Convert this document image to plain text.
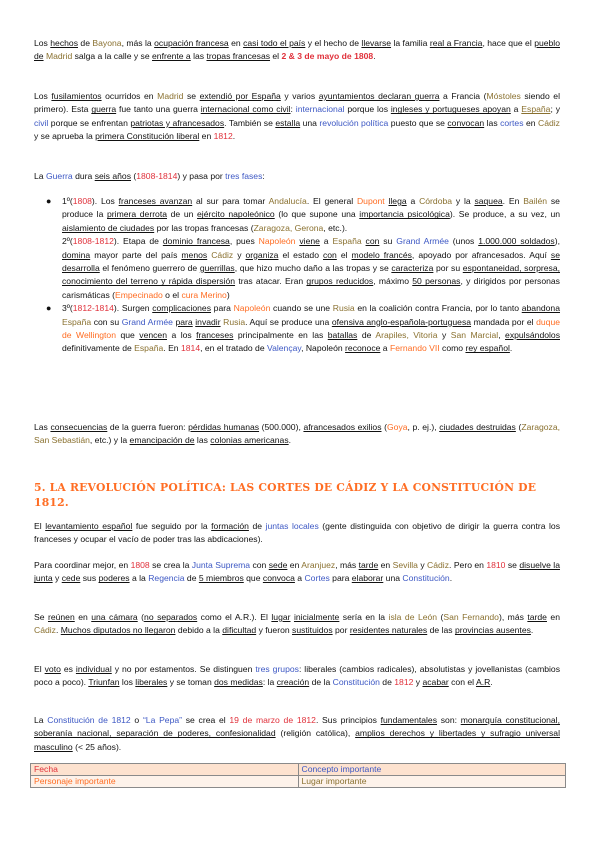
Los hechos de Bayona, más la ocupación francesa en casi todo el país y el hecho de llevarse la familia real a Francia, hace que el pueblo de Madrid salga a la calle y se enfrente a las tropas francesas el 2 & 3 de mayo de 1808.

Los fusilamientos ocurridos en Madrid se extendió por España y varios ayuntamientos declaran guerra a Francia (Móstoles siendo el primero). Esta guerra fue tanto una guerra internacional como civil: internacional porque los ingleses y portugueses apoyan a España; y civil porque se enfrentan patriotas y afrancesados. También se estalla una revolución política puesto que se convocan las cortes en Cádiz y se aprueba la primera Constitución liberal en 1812.

La Guerra dura seis años (1808-1814) y pasa por tres fases:

● 1º(1808). Los franceses avanzan al sur para tomar Andalucía. El general Dupont llega a Córdoba y la saquea. En Bailén se produce la primera derrota de un ejército napoleónico (lo que supone una importancia psicológica). Se produce, a su vez, un aislamiento de ciudades por las tropas francesas (Zaragoza, Gerona, etc.).
2º(1808-1812). Etapa de dominio francesa, pues Napoleón viene a España con su Grand Armée (unos 1.000.000 soldados), domina mayor parte del país menos Cádiz y organiza el estado con el modelo francés, apoyado por afrancesados. Aquí se desarrolla el fenómeno guerrero de guerrillas, que hizo mucho daño a las tropas y se caracteriza por su espontaneidad, sorpresa, conocimiento del terreno y rápida dispersión tras atacar. Eran grupos reducidos, máximo 50 personas, y dirigidos por personas carismáticas (Empecinado o el cura Merino)
● 3º(1812-1814). Surgen complicaciones para Napoleón cuando se une Rusia en la coalición contra Francia, por lo tanto abandona España con su Grand Armée para invadir Rusia. Aquí se produce una ofensiva anglo-española-portuguesa mandada por el duque de Wellington que vencen a los franceses principalmente en las batallas de Arapiles, Vitoria y San Marcial, expulsándolos definitivamente de España. En 1814, en el tratado de Valençay, Napoleón reconoce a Fernando VII como rey español.

Las consecuencias de la guerra fueron: pérdidas humanas (500.000), afrancesados exilios (Goya, p. ej.), ciudades destruidas (Zaragoza, San Sebastián, etc.) y la emancipación de las colonias americanas.

5. LA REVOLUCIÓN POLÍTICA: LAS CORTES DE CÁDIZ Y LA CONSTITUCIÓN DE 1812.

El levantamiento español fue seguido por la formación de juntas locales (gente distinguida con objetivo de dirigir la guerra contra los franceses y ocupar el vacío de poder tras las abdicaciones).

Para coordinar mejor, en 1808 se crea la Junta Suprema con sede en Aranjuez, más tarde en Sevilla y Cádiz. Pero en 1810 se disuelve la junta y cede sus poderes a la Regencia de 5 miembros que convoca a Cortes para elaborar una Constitución.

Se reúnen en una cámara (no separados como el A.R.). El lugar inicialmente sería en la isla de León (San Fernando), más tarde en Cádiz. Muchos diputados no llegaron debido a la dificultad y fueron sustituidos por residentes naturales de las provincias ausentes.

El voto es individual y no por estamentos. Se distinguen tres grupos: liberales (cambios radicales), absolutistas y jovellanistas (cambios poco a poco). Triunfan los liberales y se toman dos medidas: la creación de la Constitución de 1812 y acabar con el A.R.

La Constitución de 1812 o “La Pepa” se crea el 19 de marzo de 1812. Sus principios fundamentales son: monarquía constitucional, soberanía nacional, separación de poderes, confesionalidad (religión católica), amplios derechos y libertades y sufragio universal masculino (< 25 años).

Fecha	Concepto importante
Personaje importante	Lugar importante
